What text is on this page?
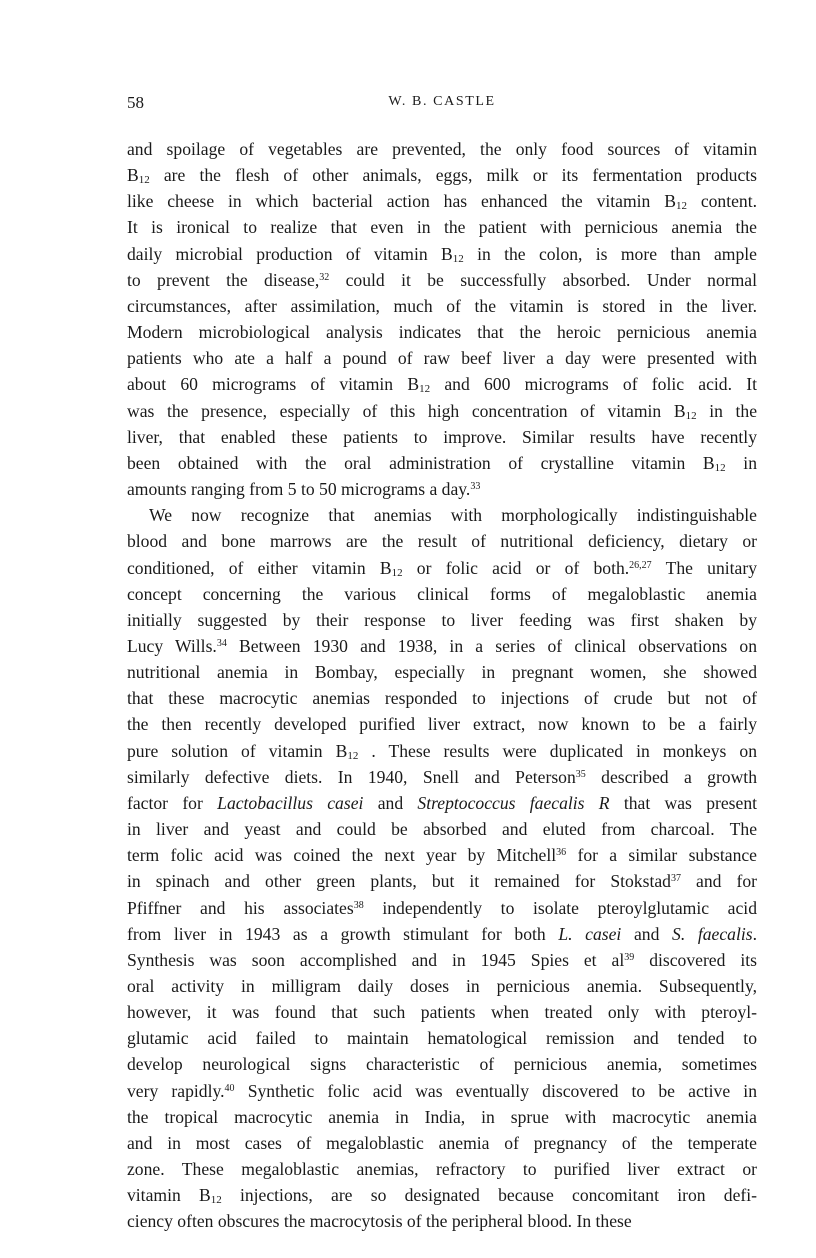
58	W. B. CASTLE

and spoilage of vegetables are prevented, the only food sources of vitamin
$B_{12}$ are the flesh of other animals, eggs, milk or its fermentation products
like cheese in which bacterial action has enhanced the vitamin $B_{12}$ content.
It is ironical to realize that even in the patient with pernicious anemia the
daily microbial production of vitamin $B_{12}$ in the colon, is more than ample
to prevent the disease,$^{32}$ could it be successfully absorbed. Under normal
circumstances, after assimilation, much of the vitamin is stored in the liver.
Modern microbiological analysis indicates that the heroic pernicious anemia
patients who ate a half a pound of raw beef liver a day were presented with
about 60 micrograms of vitamin $B_{12}$ and 600 micrograms of folic acid. It
was the presence, especially of this high concentration of vitamin $B_{12}$ in the
liver, that enabled these patients to improve. Similar results have recently
been obtained with the oral administration of crystalline vitamin $B_{12}$ in
amounts ranging from 5 to 50 micrograms a day.$^{33}$

We now recognize that anemias with morphologically indistinguishable
blood and bone marrows are the result of nutritional deficiency, dietary or
conditioned, of either vitamin $B_{12}$ or folic acid or of both.$^{26,27}$ The unitary
concept concerning the various clinical forms of megaloblastic anemia
initially suggested by their response to liver feeding was first shaken by
Lucy Wills.$^{34}$ Between 1930 and 1938, in a series of clinical observations on
nutritional anemia in Bombay, especially in pregnant women, she showed
that these macrocytic anemias responded to injections of crude but not of
the then recently developed purified liver extract, now known to be a fairly
pure solution of vitamin $B_{12}$ . These results were duplicated in monkeys on
similarly defective diets. In 1940, Snell and Peterson$^{35}$ described a growth
factor for Lactobacillus casei and Streptococcus faecalis R that was present
in liver and yeast and could be absorbed and eluted from charcoal. The
term folic acid was coined the next year by Mitchell$^{36}$ for a similar substance
in spinach and other green plants, but it remained for Stokstad$^{37}$ and for
Pfiffner and his associates$^{38}$ independently to isolate pteroylglutamic acid
from liver in 1943 as a growth stimulant for both L. casei and S. faecalis.
Synthesis was soon accomplished and in 1945 Spies et $al^{39}$ discovered its
oral activity in milligram daily doses in pernicious anemia. Subsequently,
however, it was found that such patients when treated only with pteroyl-
glutamic acid failed to maintain hematological remission and tended to
develop neurological signs characteristic of pernicious anemia, sometimes
very rapidly.$^{40}$ Synthetic folic acid was eventually discovered to be active in
the tropical macrocytic anemia in India, in sprue with macrocytic anemia
and in most cases of megaloblastic anemia of pregnancy of the temperate
zone. These megaloblastic anemias, refractory to purified liver extract or
vitamin $B_{12}$ injections, are so designated because concomitant iron defi-
ciency often obscures the macrocytosis of the peripheral blood. In these
